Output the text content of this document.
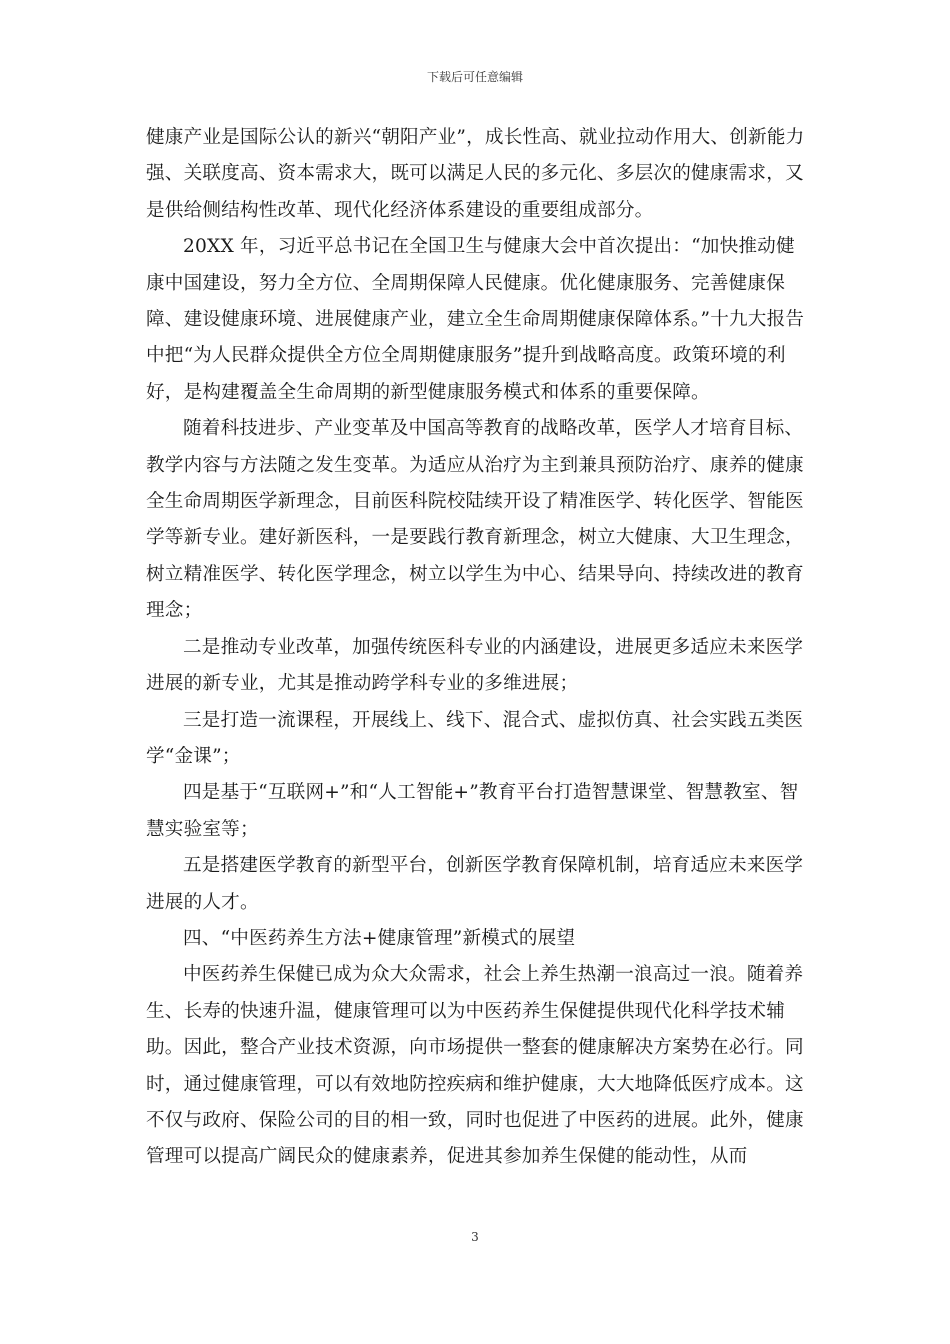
下载后可任意编辑

健康产业是国际公认的新兴“朝阳产业”，成长性高、就业拉动作用大、创新能力强、关联度高、资本需求大，既可以满足人民的多元化、多层次的健康需求，又是供给侧结构性改革、现代化经济体系建设的重要组成部分。

20XX 年，习近平总书记在全国卫生与健康大会中首次提出：“加快推动健康中国建设，努力全方位、全周期保障人民健康。优化健康服务、完善健康保障、建设健康环境、进展健康产业，建立全生命周期健康保障体系。”十九大报告中把“为人民群众提供全方位全周期健康服务”提升到战略高度。政策环境的利好，是构建覆盖全生命周期的新型健康服务模式和体系的重要保障。

随着科技进步、产业变革及中国高等教育的战略改革，医学人才培育目标、教学内容与方法随之发生变革。为适应从治疗为主到兼具预防治疗、康养的健康全生命周期医学新理念，目前医科院校陆续开设了精准医学、转化医学、智能医学等新专业。建好新医科，一是要践行教育新理念，树立大健康、大卫生理念，树立精准医学、转化医学理念，树立以学生为中心、结果导向、持续改进的教育理念；

二是推动专业改革，加强传统医科专业的内涵建设，进展更多适应未来医学进展的新专业，尤其是推动跨学科专业的多维进展；

三是打造一流课程，开展线上、线下、混合式、虚拟仿真、社会实践五类医学“金课”；

四是基于“互联网+”和“人工智能+”教育平台打造智慧课堂、智慧教室、智慧实验室等；

五是搭建医学教育的新型平台，创新医学教育保障机制，培育适应未来医学进展的人才。

四、“中医药养生方法+健康管理”新模式的展望

中医药养生保健已成为众大众需求，社会上养生热潮一浪高过一浪。随着养生、长寿的快速升温，健康管理可以为中医药养生保健提供现代化科学技术辅助。因此，整合产业技术资源，向市场提供一整套的健康解决方案势在必行。同时，通过健康管理，可以有效地防控疾病和维护健康，大大地降低医疗成本。这不仅与政府、保险公司的目的相一致，同时也促进了中医药的进展。此外，健康管理可以提高广阔民众的健康素养，促进其参加养生保健的能动性，从而

3
